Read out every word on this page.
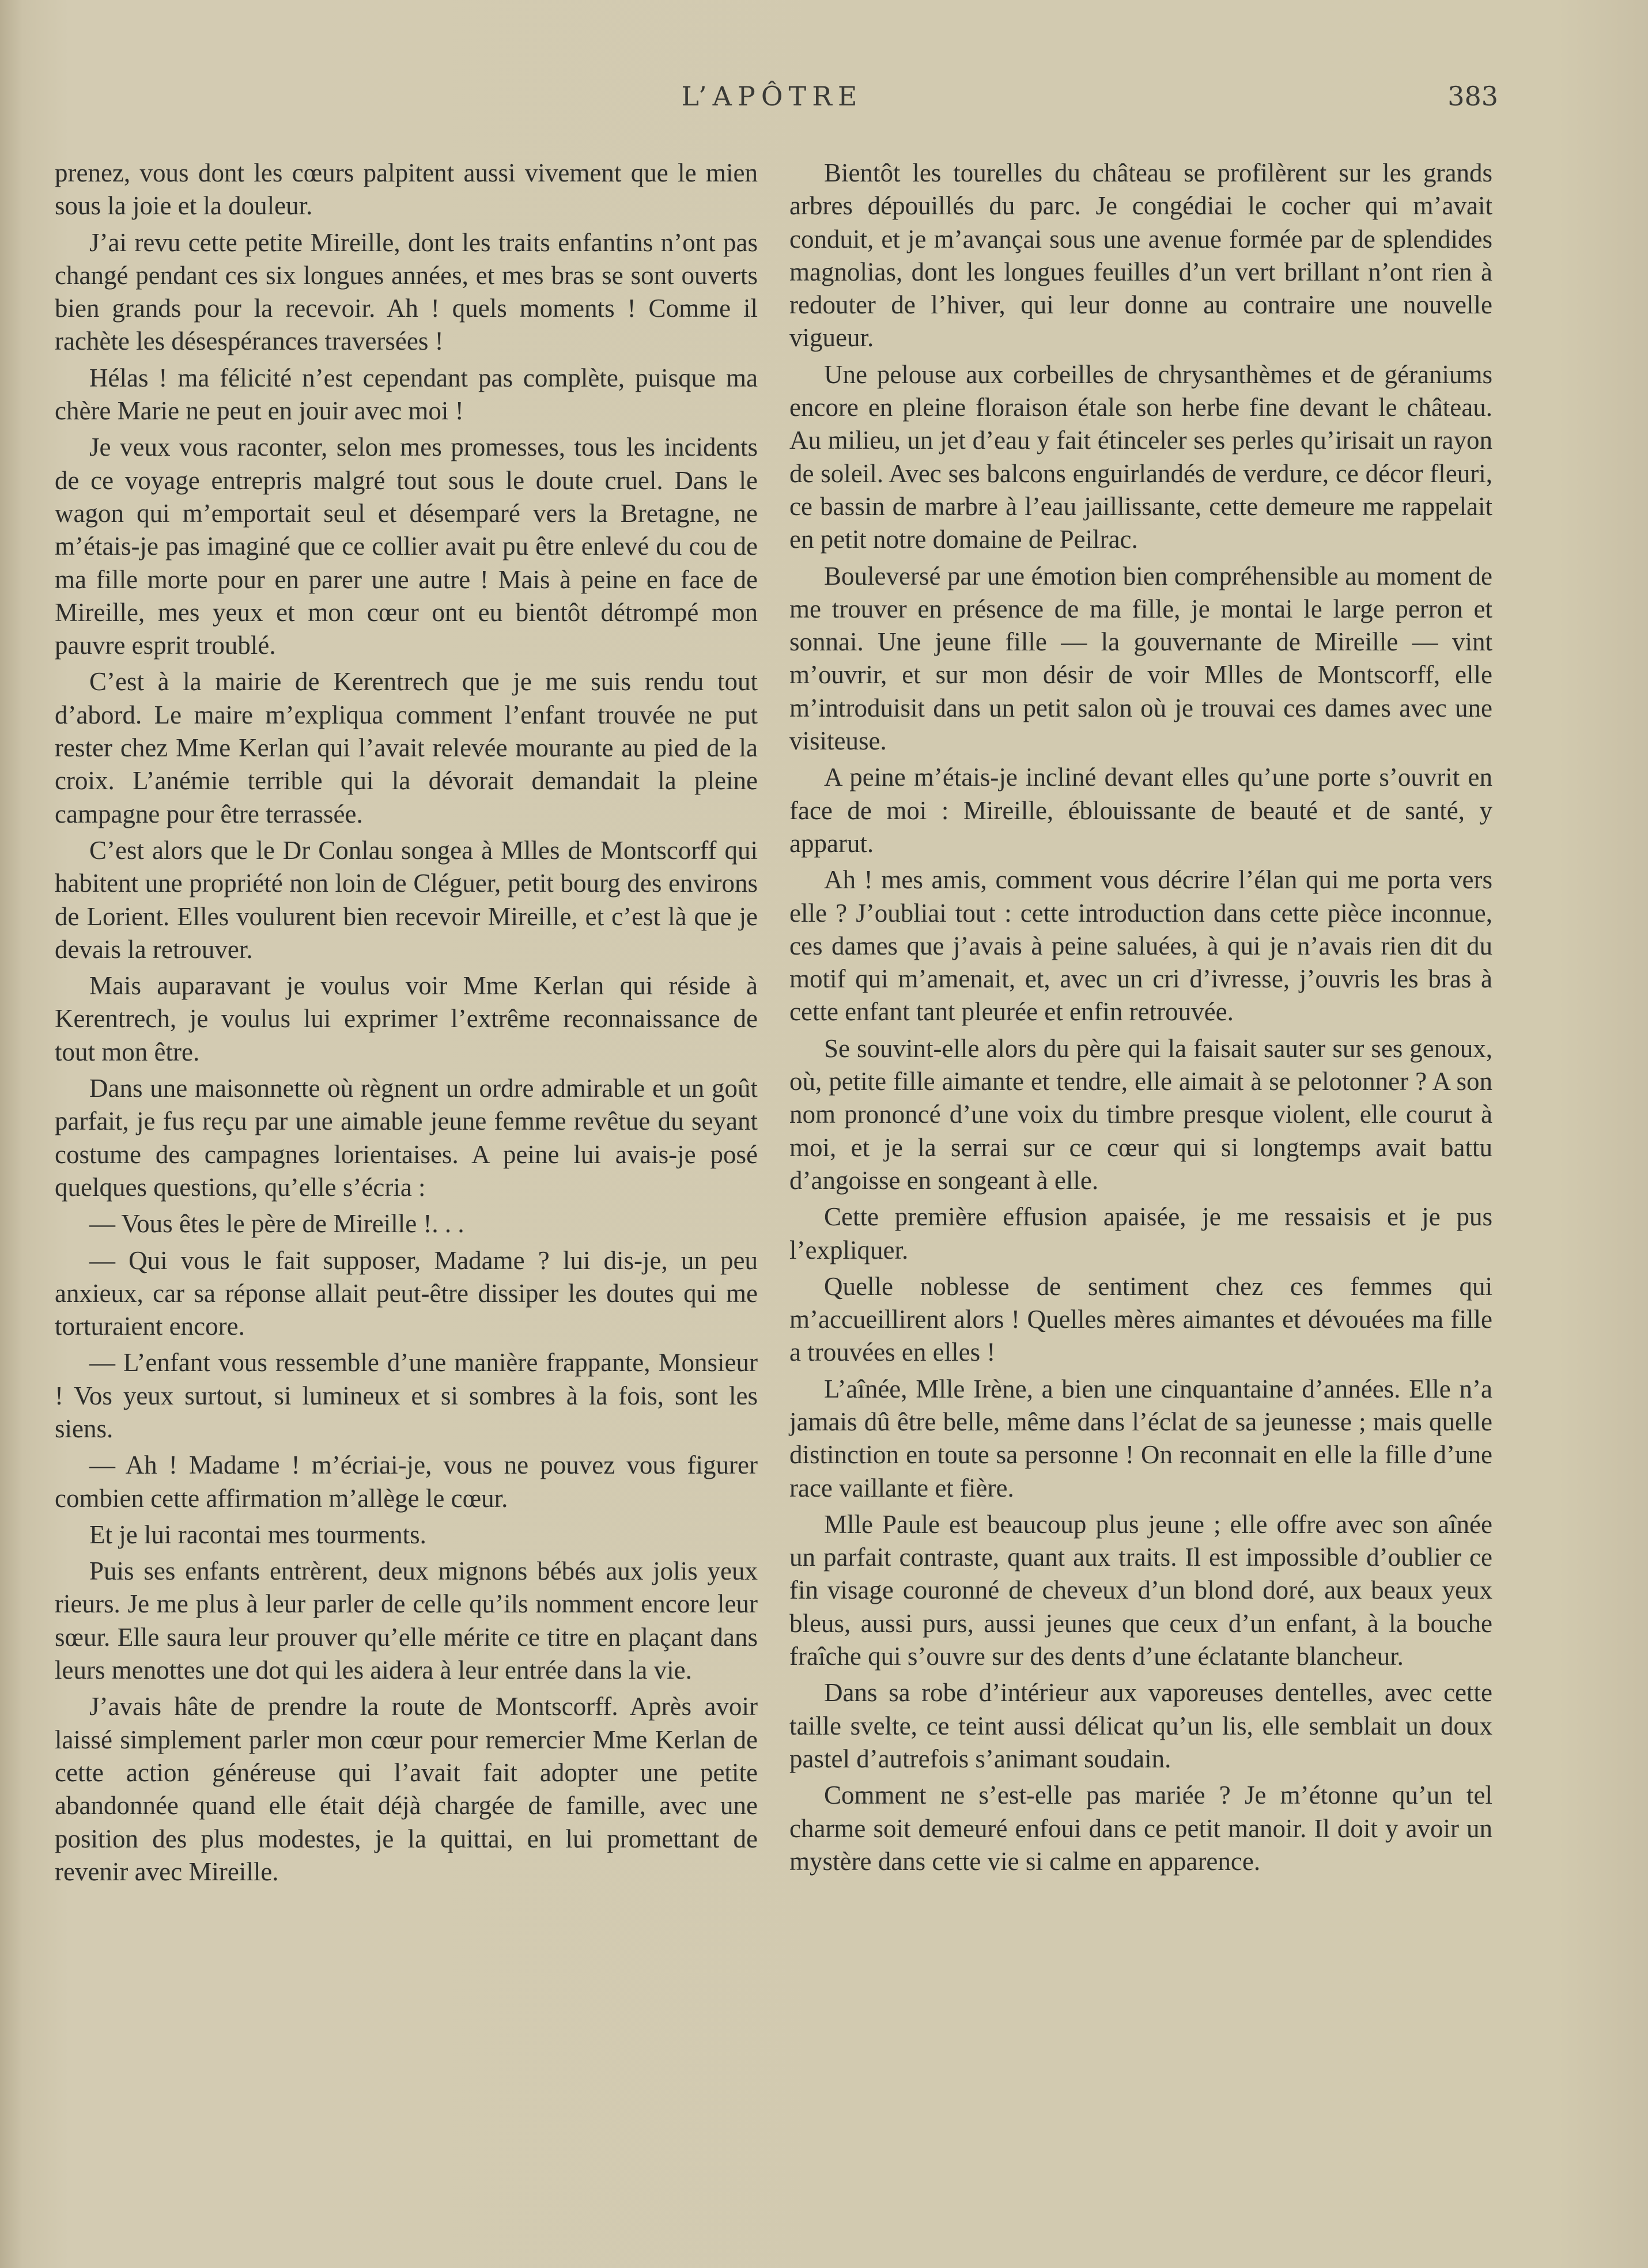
L’APÔTRE	383

prenez, vous dont les cœurs palpitent aussi vivement que le mien sous la joie et la douleur.

J’ai revu cette petite Mireille, dont les traits enfantins n’ont pas changé pendant ces six longues années, et mes bras se sont ouverts bien grands pour la recevoir. Ah ! quels moments ! Comme il rachète les désespérances traversées !

Hélas ! ma félicité n’est cependant pas complète, puisque ma chère Marie ne peut en jouir avec moi !

Je veux vous raconter, selon mes promesses, tous les incidents de ce voyage entrepris malgré tout sous le doute cruel. Dans le wagon qui m’emportait seul et désemparé vers la Bretagne, ne m’étais-je pas imaginé que ce collier avait pu être enlevé du cou de ma fille morte pour en parer une autre ! Mais à peine en face de Mireille, mes yeux et mon cœur ont eu bientôt détrompé mon pauvre esprit troublé.

C’est à la mairie de Kerentrech que je me suis rendu tout d’abord. Le maire m’expliqua comment l’enfant trouvée ne put rester chez Mme Kerlan qui l’avait relevée mourante au pied de la croix. L’anémie terrible qui la dévorait demandait la pleine campagne pour être terrassée.

C’est alors que le Dr Conlau songea à Mlles de Montscorff qui habitent une propriété non loin de Cléguer, petit bourg des environs de Lorient. Elles voulurent bien recevoir Mireille, et c’est là que je devais la retrouver.

Mais auparavant je voulus voir Mme Kerlan qui réside à Kerentrech, je voulus lui exprimer l’extrême reconnaissance de tout mon être.

Dans une maisonnette où règnent un ordre admirable et un goût parfait, je fus reçu par une aimable jeune femme revêtue du seyant costume des campagnes lorientaises. A peine lui avais-je posé quelques questions, qu’elle s’écria :

— Vous êtes le père de Mireille !. . .

— Qui vous le fait supposer, Madame ? lui dis-je, un peu anxieux, car sa réponse allait peut-être dissiper les doutes qui me torturaient encore.

— L’enfant vous ressemble d’une manière frappante, Monsieur ! Vos yeux surtout, si lumineux et si sombres à la fois, sont les siens.

— Ah ! Madame ! m’écriai-je, vous ne pouvez vous figurer combien cette affirmation m’allège le cœur.

Et je lui racontai mes tourments.

Puis ses enfants entrèrent, deux mignons bébés aux jolis yeux rieurs. Je me plus à leur parler de celle qu’ils nomment encore leur sœur. Elle saura leur prouver qu’elle mérite ce titre en plaçant dans leurs menottes une dot qui les aidera à leur entrée dans la vie.

J’avais hâte de prendre la route de Montscorff. Après avoir laissé simplement parler mon cœur pour remercier Mme Kerlan de cette action généreuse qui l’avait fait adopter une petite abandonnée quand elle était déjà chargée de famille, avec une position des plus modestes, je la quittai, en lui promettant de revenir avec Mireille.

Bientôt les tourelles du château se profilèrent sur les grands arbres dépouillés du parc. Je congédiai le cocher qui m’avait conduit, et je m’avançai sous une avenue formée par de splendides magnolias, dont les longues feuilles d’un vert brillant n’ont rien à redouter de l’hiver, qui leur donne au contraire une nouvelle vigueur.

Une pelouse aux corbeilles de chrysanthèmes et de géraniums encore en pleine floraison étale son herbe fine devant le château. Au milieu, un jet d’eau y fait étinceler ses perles qu’irisait un rayon de soleil. Avec ses balcons enguirlandés de verdure, ce décor fleuri, ce bassin de marbre à l’eau jaillissante, cette demeure me rappelait en petit notre domaine de Peilrac.

Bouleversé par une émotion bien compréhensible au moment de me trouver en présence de ma fille, je montai le large perron et sonnai. Une jeune fille — la gouvernante de Mireille — vint m’ouvrir, et sur mon désir de voir Mlles de Montscorff, elle m’introduisit dans un petit salon où je trouvai ces dames avec une visiteuse.

A peine m’étais-je incliné devant elles qu’une porte s’ouvrit en face de moi : Mireille, éblouissante de beauté et de santé, y apparut.

Ah ! mes amis, comment vous décrire l’élan qui me porta vers elle ? J’oubliai tout : cette introduction dans cette pièce inconnue, ces dames que j’avais à peine saluées, à qui je n’avais rien dit du motif qui m’amenait, et, avec un cri d’ivresse, j’ouvris les bras à cette enfant tant pleurée et enfin retrouvée.

Se souvint-elle alors du père qui la faisait sauter sur ses genoux, où, petite fille aimante et tendre, elle aimait à se pelotonner ? A son nom prononcé d’une voix du timbre presque violent, elle courut à moi, et je la serrai sur ce cœur qui si longtemps avait battu d’angoisse en songeant à elle.

Cette première effusion apaisée, je me ressaisis et je pus l’expliquer.

Quelle noblesse de sentiment chez ces femmes qui m’accueillirent alors ! Quelles mères aimantes et dévouées ma fille a trouvées en elles !

L’aînée, Mlle Irène, a bien une cinquantaine d’années. Elle n’a jamais dû être belle, même dans l’éclat de sa jeunesse ; mais quelle distinction en toute sa personne ! On reconnait en elle la fille d’une race vaillante et fière.

Mlle Paule est beaucoup plus jeune ; elle offre avec son aînée un parfait contraste, quant aux traits. Il est impossible d’oublier ce fin visage couronné de cheveux d’un blond doré, aux beaux yeux bleus, aussi purs, aussi jeunes que ceux d’un enfant, à la bouche fraîche qui s’ouvre sur des dents d’une éclatante blancheur.

Dans sa robe d’intérieur aux vaporeuses dentelles, avec cette taille svelte, ce teint aussi délicat qu’un lis, elle semblait un doux pastel d’autrefois s’animant soudain.

Comment ne s’est-elle pas mariée ? Je m’étonne qu’un tel charme soit demeuré enfoui dans ce petit manoir. Il doit y avoir un mystère dans cette vie si calme en apparence.
